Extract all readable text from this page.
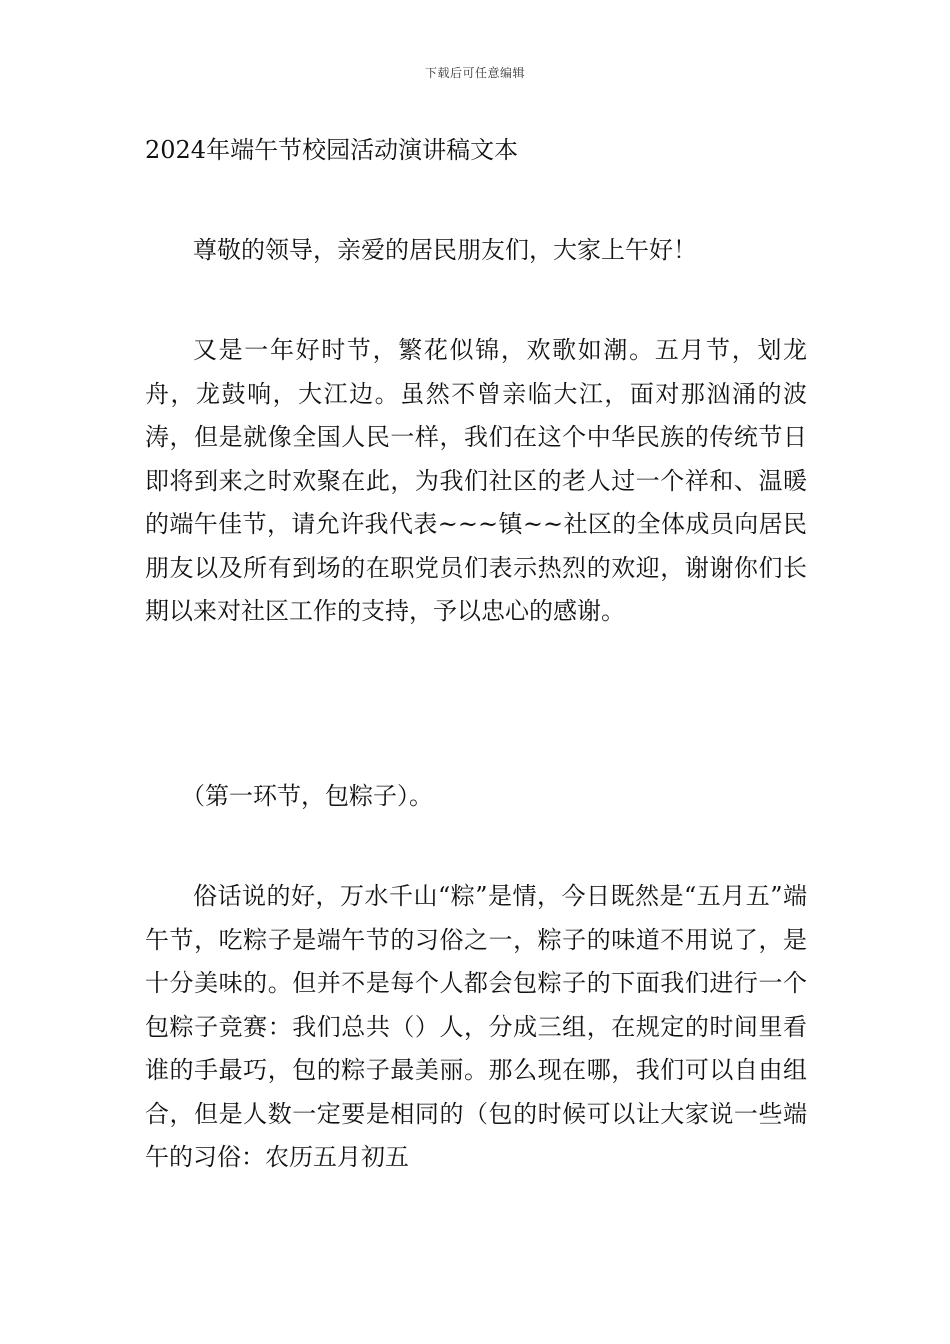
下载后可任意编辑
2024年端午节校园活动演讲稿文本

尊敬的领导，亲爱的居民朋友们，大家上午好！

又是一年好时节，繁花似锦，欢歌如潮。五月节，划龙舟，龙鼓响，大江边。虽然不曾亲临大江，面对那汹涌的波涛，但是就像全国人民一样，我们在这个中华民族的传统节日即将到来之时欢聚在此，为我们社区的老人过一个祥和、温暖的端午佳节，请允许我代表~~~镇~~社区的全体成员向居民朋友以及所有到场的在职党员们表示热烈的欢迎，谢谢你们长期以来对社区工作的支持，予以忠心的感谢。

（第一环节，包粽子）。

俗话说的好，万水千山“粽”是情，今日既然是“五月五”端午节，吃粽子是端午节的习俗之一，粽子的味道不用说了，是十分美味的。但并不是每个人都会包粽子的下面我们进行一个包粽子竞赛：我们总共（）人，分成三组，在规定的时间里看谁的手最巧，包的粽子最美丽。那么现在哪，我们可以自由组合，但是人数一定要是相同的（包的时候可以让大家说一些端午的习俗：农历五月初五
